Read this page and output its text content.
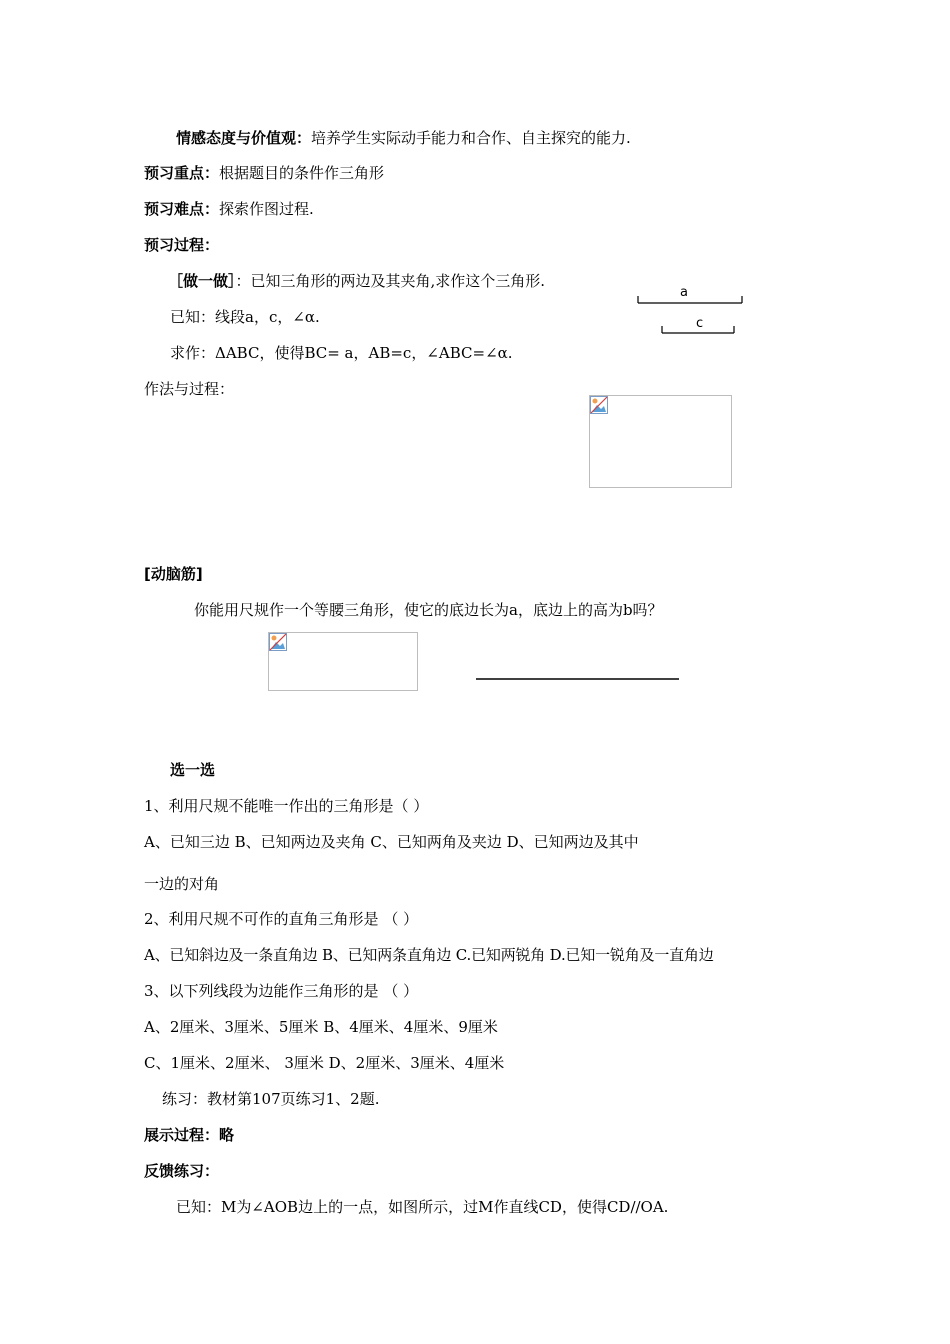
情感态度与价值观：培养学生实际动手能力和合作、自主探究的能力.
预习重点：根据题目的条件作三角形
预习难点：探索作图过程.
预习过程：
［做一做］：已知三角形的两边及其夹角,求作这个三角形.
已知：线段a，c，∠α.
求作：ΔABC，使得BC= a，AB=c，∠ABC=∠α.
作法与过程：
a
c
[动脑筋]
你能用尺规作一个等腰三角形，使它的底边长为a，底边上的高为b吗？
选一选
1、利用尺规不能唯一作出的三角形是（ ）
A、已知三边 B、已知两边及夹角 C、已知两角及夹边 D、已知两边及其中
一边的对角
2、利用尺规不可作的直角三角形是 （ ）
A、已知斜边及一条直角边 B、已知两条直角边 C.已知两锐角 D.已知一锐角及一直角边
3、以下列线段为边能作三角形的是 （ ）
A、2厘米、3厘米、5厘米 B、4厘米、4厘米、9厘米
C、1厘米、2厘米、 3厘米 D、2厘米、3厘米、4厘米
练习：教材第107页练习1、2题.
展示过程：略
反馈练习：
已知：M为∠AOB边上的一点，如图所示，过M作直线CD，使得CD//OA.
